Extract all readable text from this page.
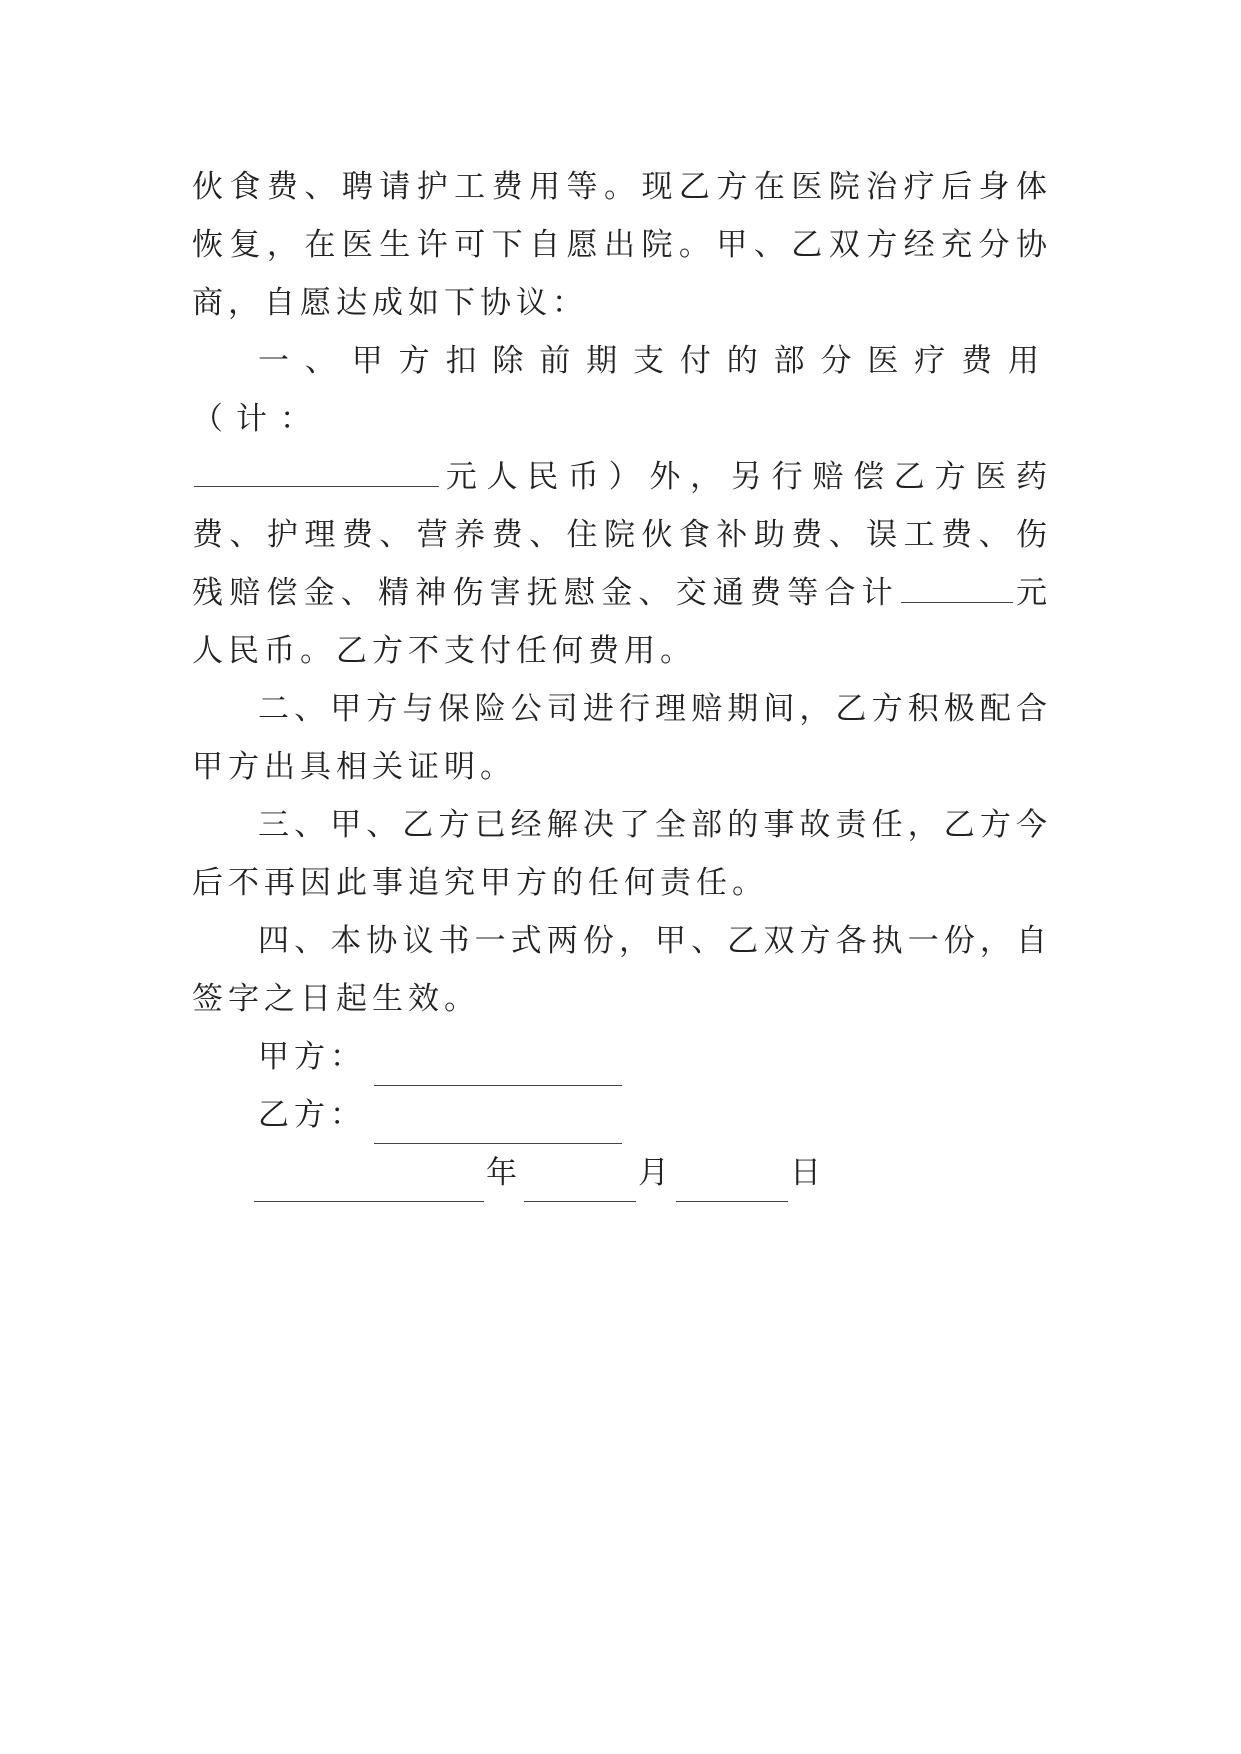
伙食费、聘请护工费用等。现乙方在医院治疗后身体恢复，在医生许可下自愿出院。甲、乙双方经充分协商，自愿达成如下协议：

一、甲方扣除前期支付的部分医疗费用（计：

元人民币）外，另行赔偿乙方医药费、护理费、营养费、住院伙食补助费、误工费、伤残赔偿金、精神伤害抚慰金、交通费等合计	元人民币。乙方不支付任何费用。

二、甲方与保险公司进行理赔期间，乙方积极配合甲方出具相关证明。

三、甲、乙方已经解决了全部的事故责任，乙方今后不再因此事追究甲方的任何责任。

四、本协议书一式两份，甲、乙双方各执一份，自签字之日起生效。

甲方：
乙方：
年	月	日
